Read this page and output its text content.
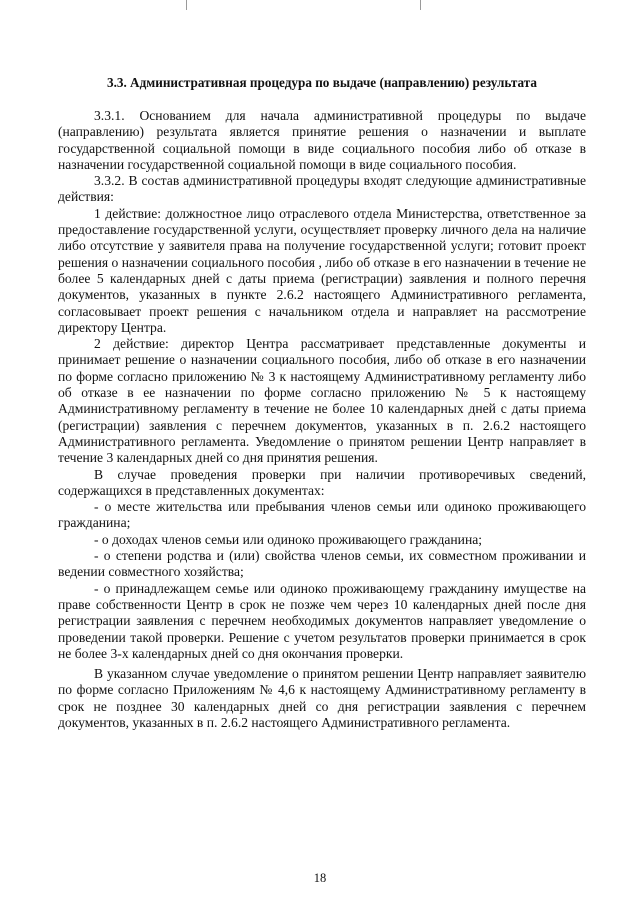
3.3. Административная процедура по выдаче (направлению) результата

3.3.1. Основанием для начала административной процедуры по выдаче (направлению) результата является принятие решения о назначении и выплате государственной социальной помощи в виде социального пособия либо об отказе в назначении государственной социальной помощи в виде социального пособия.

3.3.2. В состав административной процедуры входят следующие административные действия:

1 действие: должностное лицо отраслевого отдела Министерства, ответственное за предоставление государственной услуги, осуществляет проверку личного дела на наличие либо отсутствие у заявителя права на получение государственной услуги; готовит проект решения о назначении социального пособия , либо об отказе в его назначении в течение не более 5 календарных дней с даты приема (регистрации) заявления и полного перечня документов, указанных в пункте 2.6.2 настоящего Административного регламента, согласовывает проект решения с начальником отдела и направляет на рассмотрение директору Центра.

2 действие: директор Центра рассматривает представленные документы и принимает решение о назначении социального пособия, либо об отказе в его назначении по форме согласно приложению № 3 к настоящему Административному регламенту либо об отказе в ее назначении по форме согласно приложению № 5 к настоящему Административному регламенту в течение не более 10 календарных дней с даты приема (регистрации) заявления с перечнем документов, указанных в п. 2.6.2 настоящего Административного регламента. Уведомление о принятом решении Центр направляет в течение 3 календарных дней со дня принятия решения.

В случае проведения проверки при наличии противоречивых сведений, содержащихся в представленных документах:

- о месте жительства или пребывания членов семьи или одиноко проживающего гражданина;

- о доходах членов семьи или одиноко проживающего гражданина;

- о степени родства и (или) свойства членов семьи, их совместном проживании и ведении совместного хозяйства;

- о принадлежащем семье или одиноко проживающему гражданину имуществе на праве собственности Центр в срок не позже чем через 10 календарных дней после дня регистрации заявления с перечнем необходимых документов направляет уведомление о проведении такой проверки. Решение с учетом результатов проверки принимается в срок не более 3-х календарных дней со дня окончания проверки.

В указанном случае уведомление о принятом решении Центр направляет заявителю по форме согласно Приложениям № 4,6 к настоящему Административному регламенту в срок не позднее 30 календарных дней со дня регистрации заявления с перечнем документов, указанных в п. 2.6.2 настоящего Административного регламента.

18
